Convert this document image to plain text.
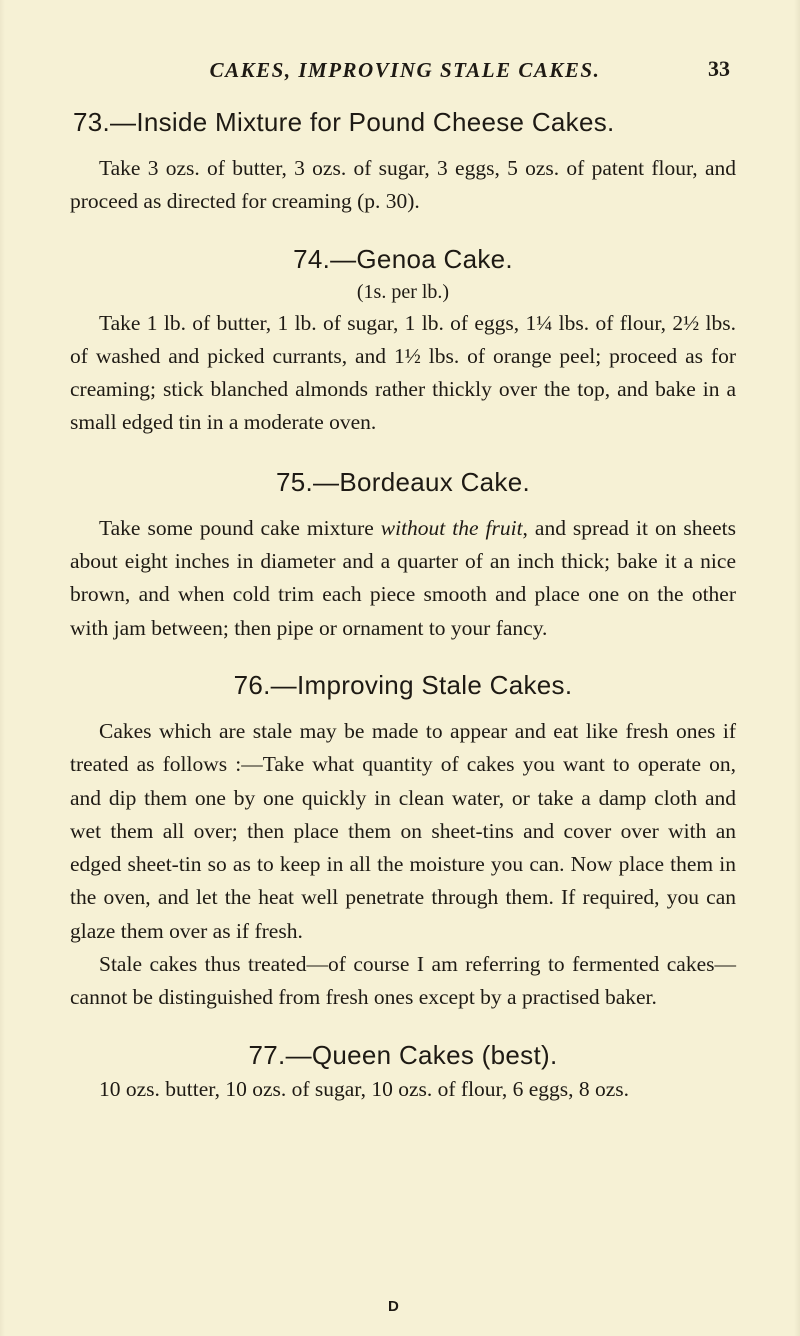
CAKES, IMPROVING STALE CAKES.	33
73.—Inside Mixture for Pound Cheese Cakes.

Take 3 ozs. of butter, 3 ozs. of sugar, 3 eggs, 5 ozs. of patent flour, and proceed as directed for creaming (p. 30).

74.—Genoa Cake.

(1s. per lb.)

Take 1 lb. of butter, 1 lb. of sugar, 1 lb. of eggs, 1¼ lbs. of flour, 2½ lbs. of washed and picked currants, and 1½ lbs. of orange peel; proceed as for creaming; stick blanched almonds rather thickly over the top, and bake in a small edged tin in a moderate oven.

75.—Bordeaux Cake.

Take some pound cake mixture without the fruit, and spread it on sheets about eight inches in diameter and a quarter of an inch thick; bake it a nice brown, and when cold trim each piece smooth and place one on the other with jam between; then pipe or ornament to your fancy.

76.—Improving Stale Cakes.

Cakes which are stale may be made to appear and eat like fresh ones if treated as follows :—Take what quantity of cakes you want to operate on, and dip them one by one quickly in clean water, or take a damp cloth and wet them all over; then place them on sheet-tins and cover over with an edged sheet-tin so as to keep in all the moisture you can. Now place them in the oven, and let the heat well penetrate through them. If required, you can glaze them over as if fresh.

Stale cakes thus treated—of course I am referring to fermented cakes—cannot be distinguished from fresh ones except by a practised baker.

77.—Queen Cakes (best).

10 ozs. butter, 10 ozs. of sugar, 10 ozs. of flour, 6 eggs, 8 ozs.

D
